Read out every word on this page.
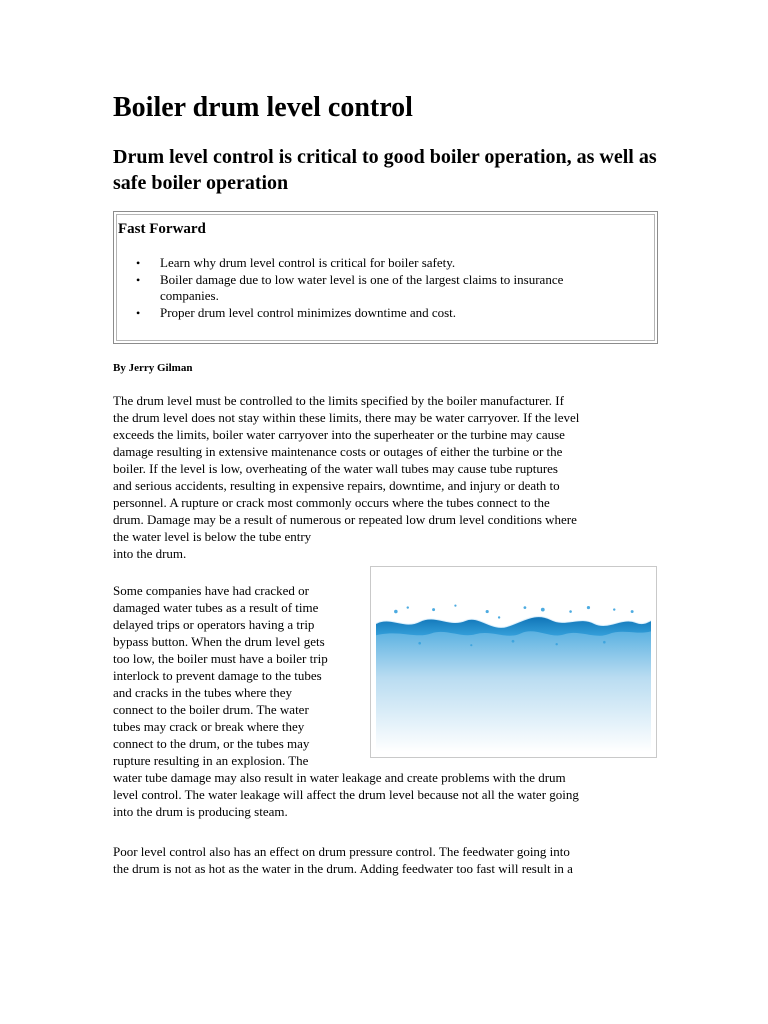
Boiler drum level control
Drum level control is critical to good boiler operation, as well as safe boiler operation
Fast Forward
• Learn why drum level control is critical for boiler safety.
• Boiler damage due to low water level is one of the largest claims to insurance companies.
• Proper drum level control minimizes downtime and cost.
By Jerry Gilman
The drum level must be controlled to the limits specified by the boiler manufacturer. If
the drum level does not stay within these limits, there may be water carryover. If the level
exceeds the limits, boiler water carryover into the superheater or the turbine may cause
damage resulting in extensive maintenance costs or outages of either the turbine or the
boiler. If the level is low, overheating of the water wall tubes may cause tube ruptures
and serious accidents, resulting in expensive repairs, downtime, and injury or death to
personnel. A rupture or crack most commonly occurs where the tubes connect to the
drum. Damage may be a result of numerous or repeated low drum level conditions where
the water level is below the tube entry
into the drum.
Some companies have had cracked or
damaged water tubes as a result of time
delayed trips or operators having a trip
bypass button. When the drum level gets
too low, the boiler must have a boiler trip
interlock to prevent damage to the tubes
and cracks in the tubes where they
connect to the boiler drum. The water
tubes may crack or break where they
connect to the drum, or the tubes may
rupture resulting in an explosion. The
water tube damage may also result in water leakage and create problems with the drum
level control. The water leakage will affect the drum level because not all the water going
into the drum is producing steam.
Poor level control also has an effect on drum pressure control. The feedwater going into
the drum is not as hot as the water in the drum. Adding feedwater too fast will result in a
